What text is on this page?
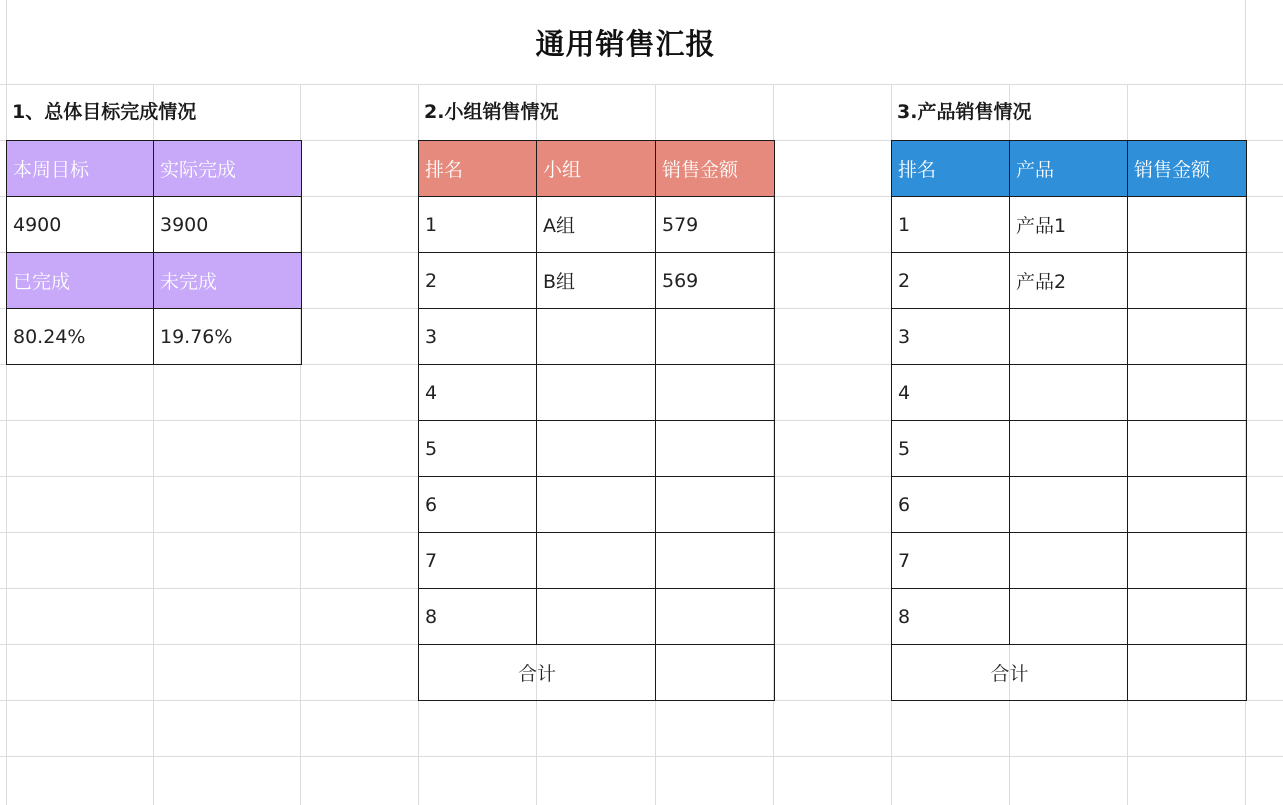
通用销售汇报
1、总体目标完成情况
本周目标	实际完成
4900	3900
已完成	未完成
80.24%	19.76%
2.小组销售情况
排名	小组	销售金额
1	A组	579
2	B组	569
3		
4		
5		
6		
7		
8		
合计		
3.产品销售情况
排名	产品	销售金额
1	产品1	
2	产品2	
3		
4		
5		
6		
7		
8		
合计		
